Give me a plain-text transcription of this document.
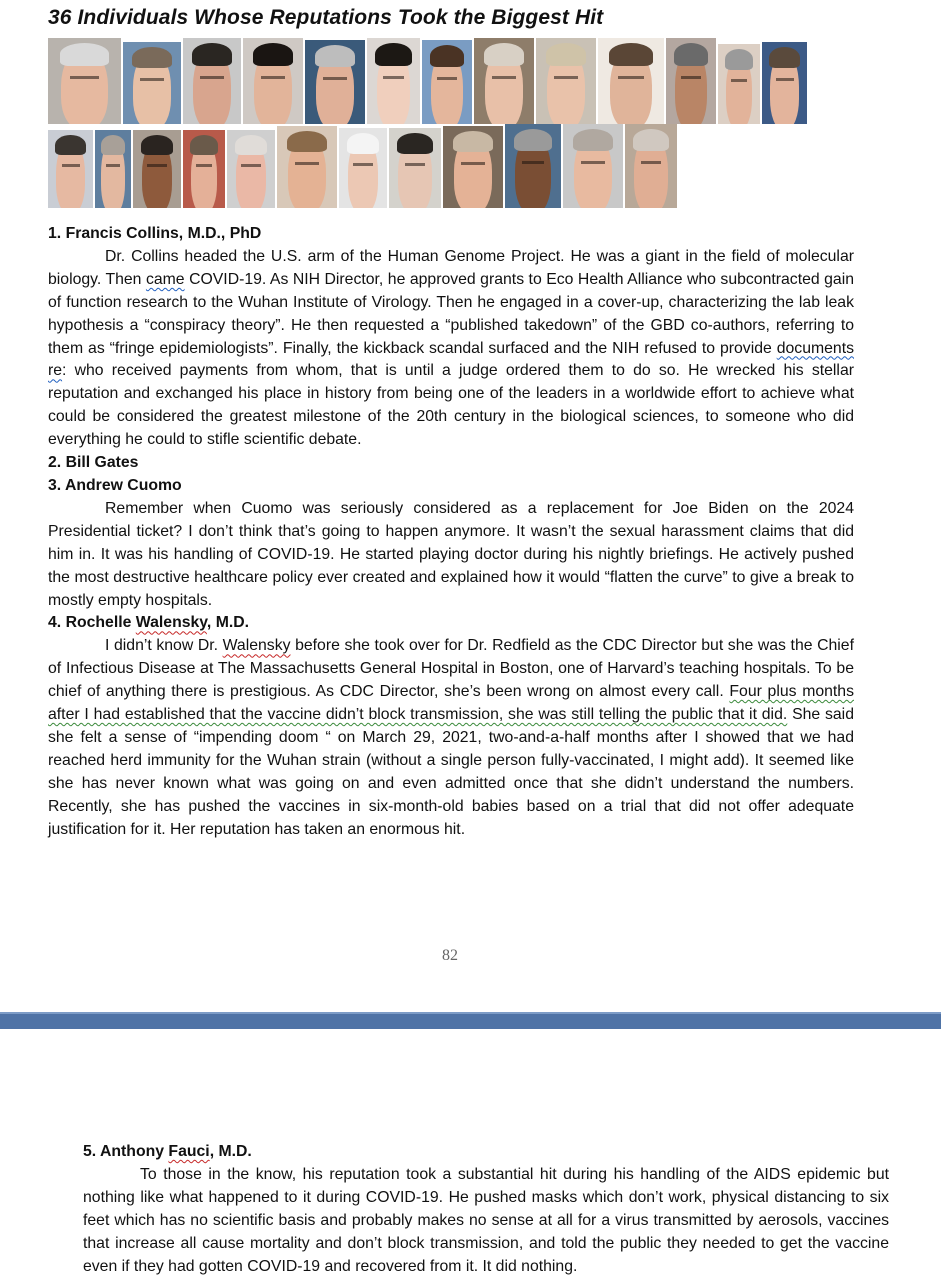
36 Individuals Whose Reputations Took the Biggest Hit
1. Francis Collins, M.D., PhD
Dr. Collins headed the U.S. arm of the Human Genome Project. He was a giant in the field of molecular biology. Then came COVID-19. As NIH Director, he approved grants to Eco Health Alliance who subcontracted gain of function research to the Wuhan Institute of Virology. Then he engaged in a cover-up, characterizing the lab leak hypothesis a “conspiracy theory”. He then requested a “published takedown” of the GBD co-authors, referring to them as “fringe epidemiologists”. Finally, the kickback scandal surfaced and the NIH refused to provide documents re: who received payments from whom, that is until a judge ordered them to do so. He wrecked his stellar reputation and exchanged his place in history from being one of the leaders in a worldwide effort to achieve what could be considered the greatest milestone of the 20th century in the biological sciences, to someone who did everything he could to stifle scientific debate.
2. Bill Gates
3. Andrew Cuomo
Remember when Cuomo was seriously considered as a replacement for Joe Biden on the 2024 Presidential ticket? I don’t think that’s going to happen anymore. It wasn’t the sexual harassment claims that did him in. It was his handling of COVID-19. He started playing doctor during his nightly briefings. He actively pushed the most destructive healthcare policy ever created and explained how it would “flatten the curve” to give a break to mostly empty hospitals.
4. Rochelle Walensky, M.D.
I didn’t know Dr. Walensky before she took over for Dr. Redfield as the CDC Director but she was the Chief of Infectious Disease at The Massachusetts General Hospital in Boston, one of Harvard’s teaching hospitals. To be chief of anything there is prestigious. As CDC Director, she’s been wrong on almost every call. Four plus months after I had established that the vaccine didn’t block transmission, she was still telling the public that it did. She said she felt a sense of “impending doom “ on March 29, 2021, two-and-a-half months after I showed that we had reached herd immunity for the Wuhan strain (without a single person fully-vaccinated, I might add). It seemed like she has never known what was going on and even admitted once that she didn’t understand the numbers. Recently, she has pushed the vaccines in six-month-old babies based on a trial that did not offer adequate justification for it. Her reputation has taken an enormous hit.
82
5. Anthony Fauci, M.D.
To those in the know, his reputation took a substantial hit during his handling of the AIDS epidemic but nothing like what happened to it during COVID-19. He pushed masks which don’t work, physical distancing to six feet which has no scientific basis and probably makes no sense at all for a virus transmitted by aerosols, vaccines that increase all cause mortality and don’t block transmission, and told the public they needed to get the vaccine even if they had gotten COVID-19 and recovered from it. It did nothing.
